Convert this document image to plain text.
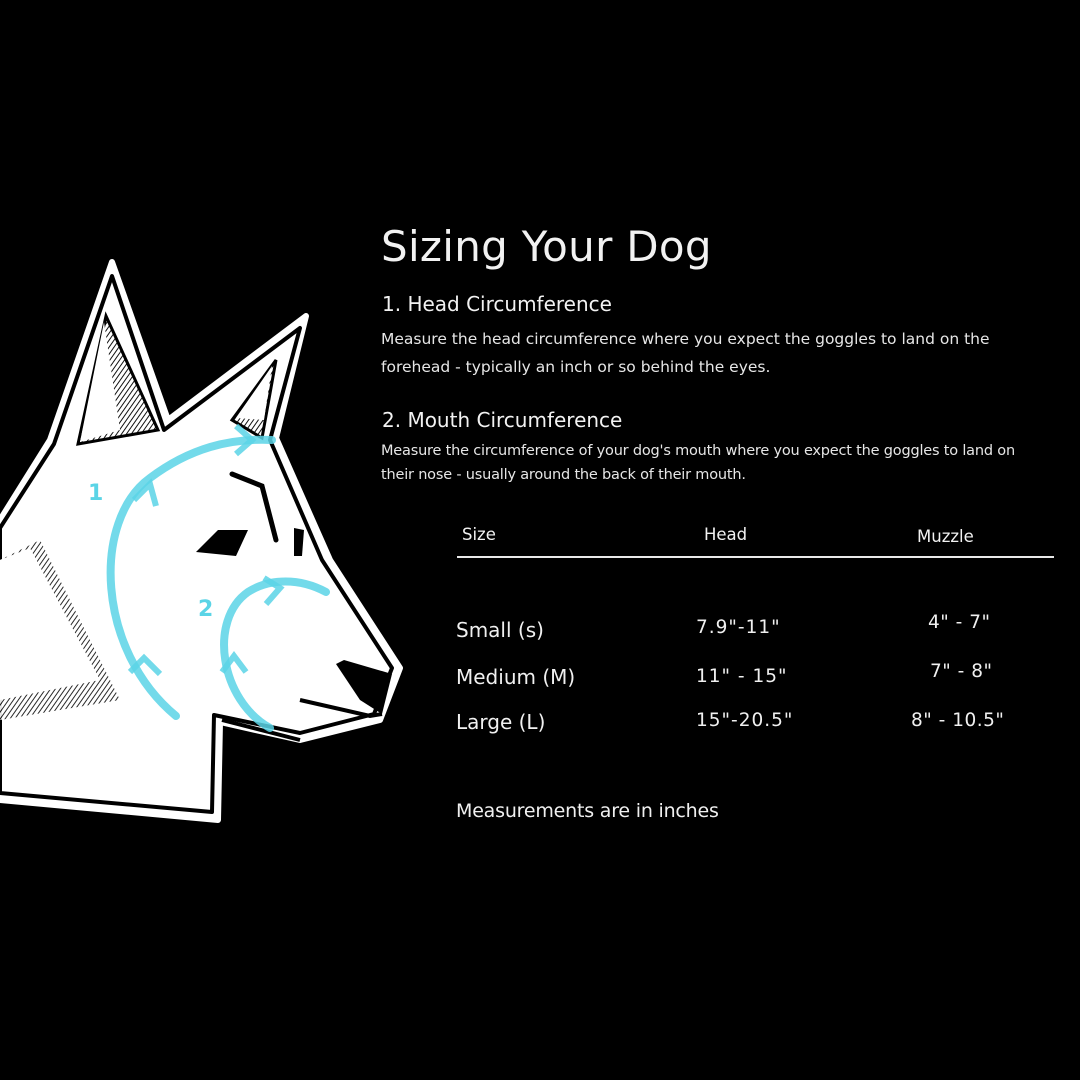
1
2
Sizing Your Dog
1. Head Circumference
Measure the head circumference where you expect the goggles to land on the forehead - typically an inch or so behind the eyes.
2. Mouth Circumference
Measure the circumference of your dog's mouth where you expect the goggles to land on their nose - usually around the back of their mouth.
Size	Head	Muzzle
Small (s)	7.9"-11"	4" - 7"
Medium (M)	11" - 15"	7" - 8"
Large (L)	15"-20.5"	8" - 10.5"
Measurements are in inches
